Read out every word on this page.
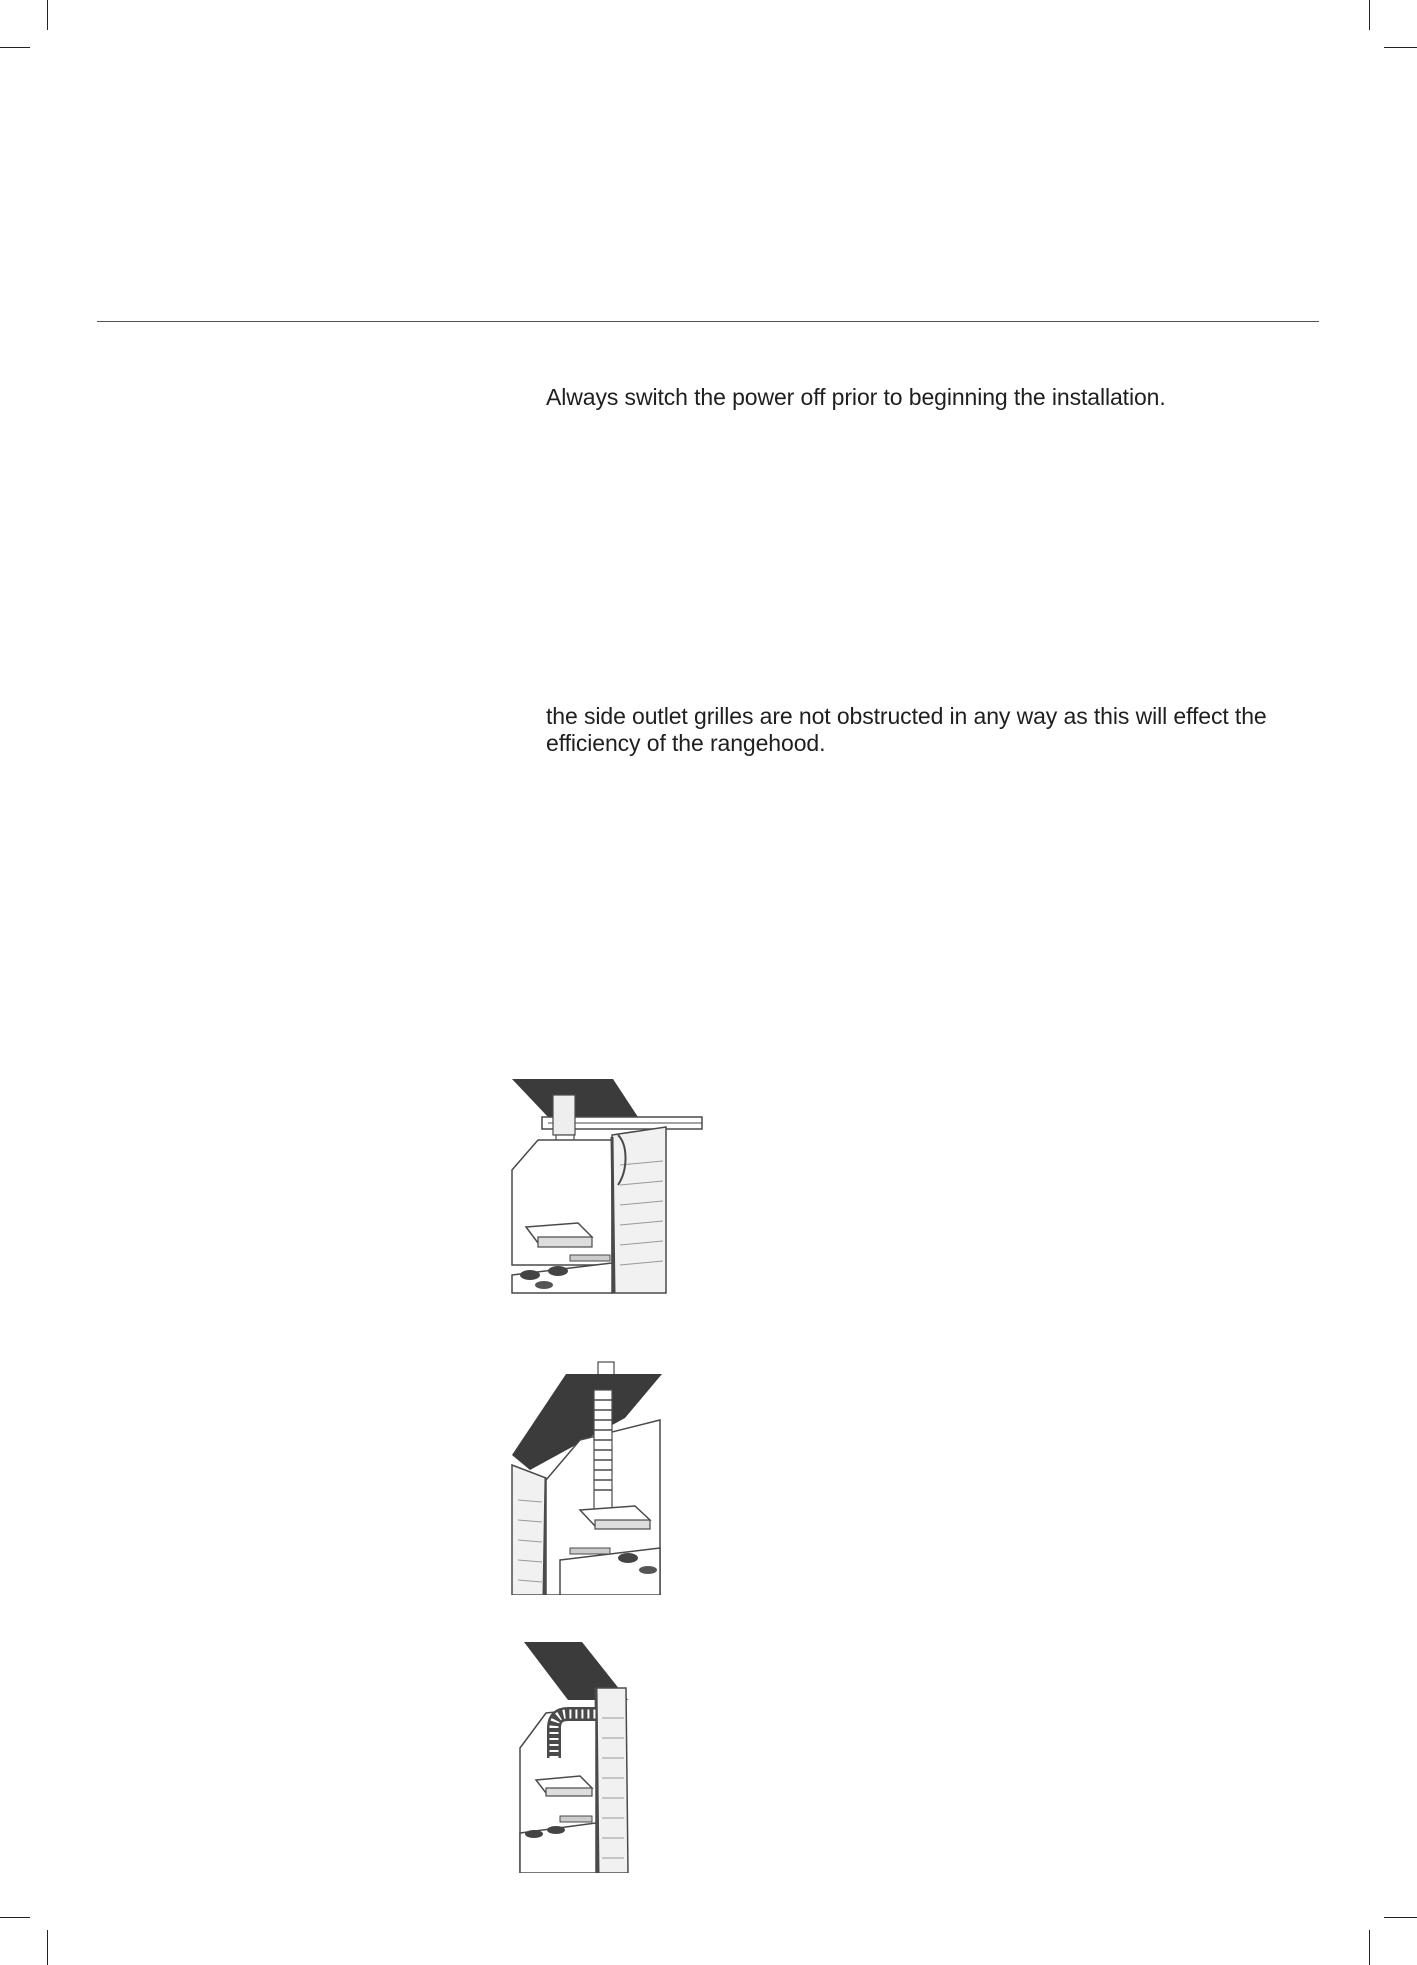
Always switch the power off prior to beginning the installation.

the side outlet grilles are not obstructed in any way as this will effect the efficiency of the rangehood.
